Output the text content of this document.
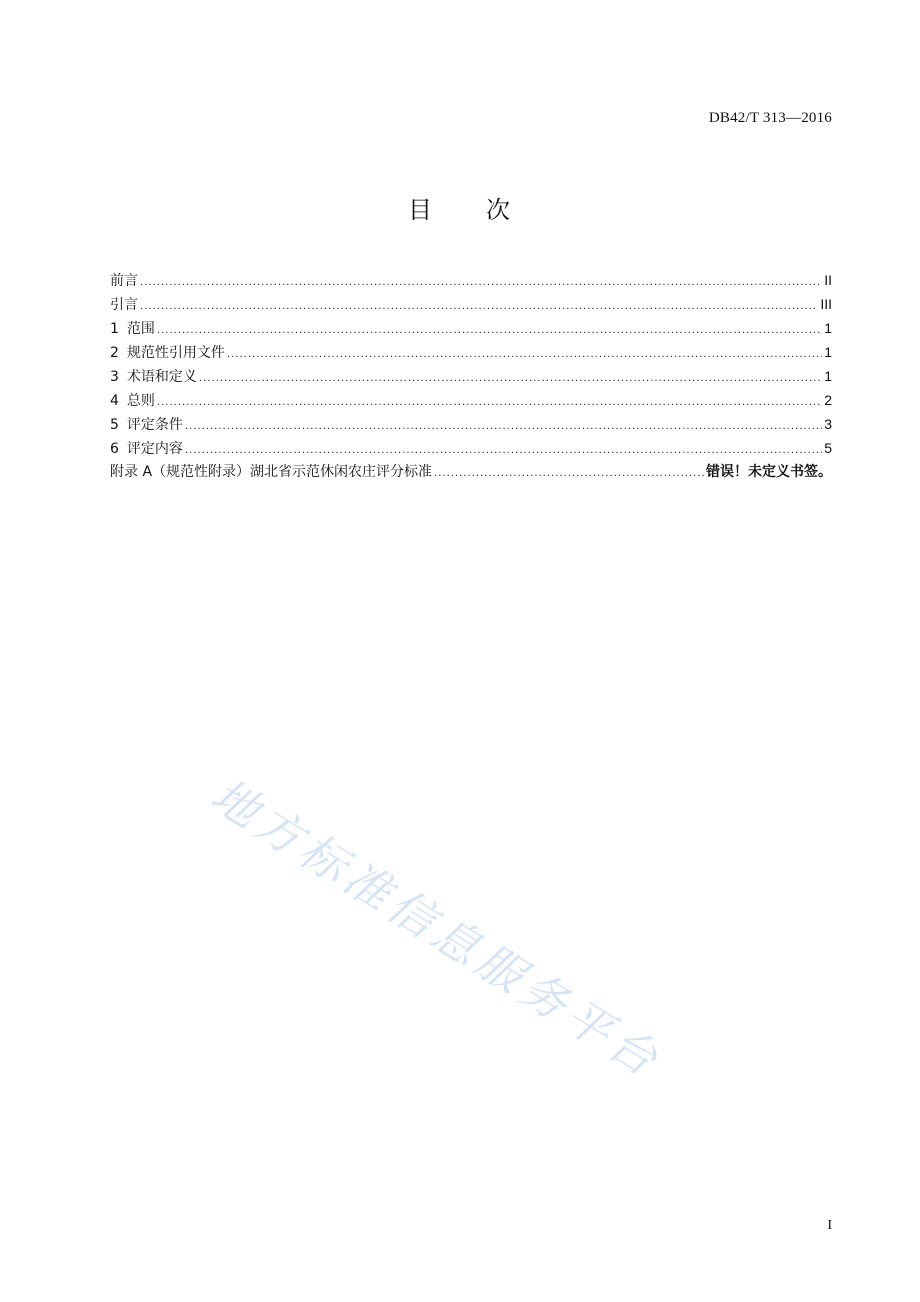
DB42/T 313—2016
目 次
前言 .....	II
引言 .....	III
1 范围 .....	1
2 规范性引用文件 .....	1
3 术语和定义 .....	1
4 总则 .....	2
5 评定条件 .....	3
6 评定内容 .....	5
附录 A（规范性附录）湖北省示范休闲农庄评分标准 .....	错误！未定义书签。
地方标准信息服务平台
I
